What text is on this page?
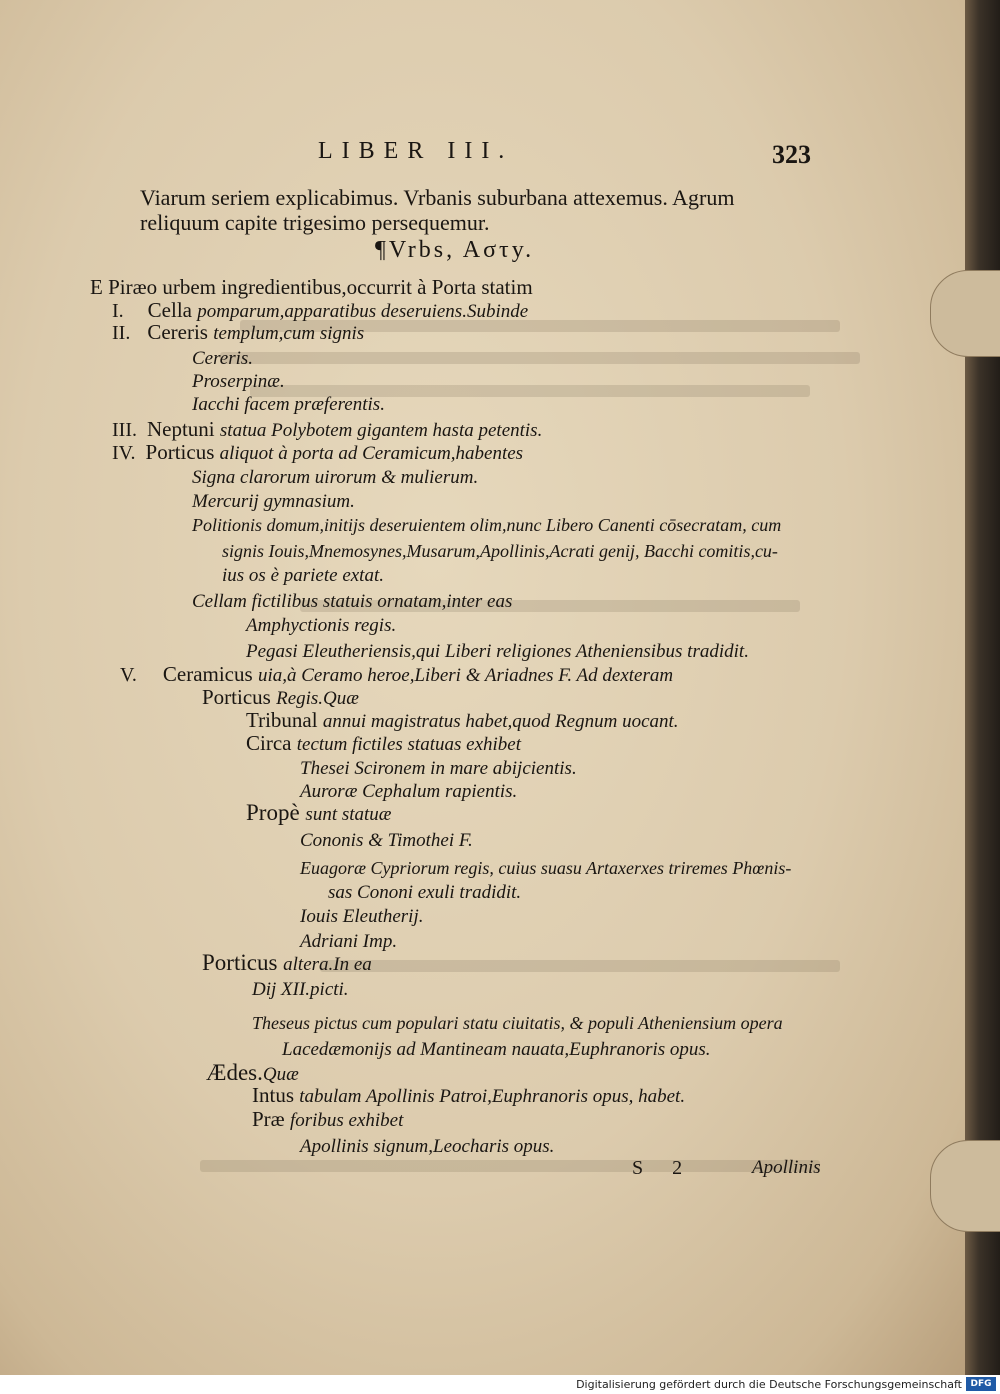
LIBER III.	323
Viarum seriem explicabimus. Vrbanis suburbana attexemus. Agrum
reliquum capite trigesimo persequemur.
¶Vrbs, Aστy.
E Piræo urbem ingredientibus,occurrit à Porta statim
I. Cella pomparum,apparatibus deseruiens.Subinde
II. Cereris templum,cum signis
Cereris.
Proserpinæ.
Iacchi facem præferentis.
III. Neptuni statua Polybotem gigantem hasta petentis.
IV. Porticus aliquot à porta ad Ceramicum,habentes
Signa clarorum uirorum & mulierum.
Mercurij gymnasium.
Politionis domum,initijs deseruientem olim,nunc Libero Canenti cōsecratam, cum
signis Iouis,Mnemosynes,Musarum,Apollinis,Acrati genij, Bacchi comitis,cu-
ius os è pariete extat.
Cellam fictilibus statuis ornatam,inter eas
Amphyctionis regis.
Pegasi Eleutheriensis,qui Liberi religiones Atheniensibus tradidit.
V. Ceramicus uia,à Ceramo heroe,Liberi & Ariadnes F. Ad dexteram
Porticus Regis.Quæ
Tribunal annui magistratus habet,quod Regnum uocant.
Circa tectum fictiles statuas exhibet
Thesei Scironem in mare abijcientis.
Auroræ Cephalum rapientis.
Propè sunt statuæ
Cononis & Timothei F.
Euagoræ Cypriorum regis, cuius suasu Artaxerxes triremes Phœnis-
sas Cononi exuli tradidit.
Iouis Eleutherij.
Adriani Imp.
Porticus altera.In ea
Dij XII.picti.
Theseus pictus cum populari statu ciuitatis, & populi Atheniensium opera
Lacedæmonijs ad Mantineam nauata,Euphranoris opus.
Ædes.Quæ
Intus tabulam Apollinis Patroi,Euphranoris opus, habet.
Præ foribus exhibet
Apollinis signum,Leocharis opus.
S 2	Apollinis
Digitalisierung gefördert durch die Deutsche Forschungsgemeinschaft DFG
